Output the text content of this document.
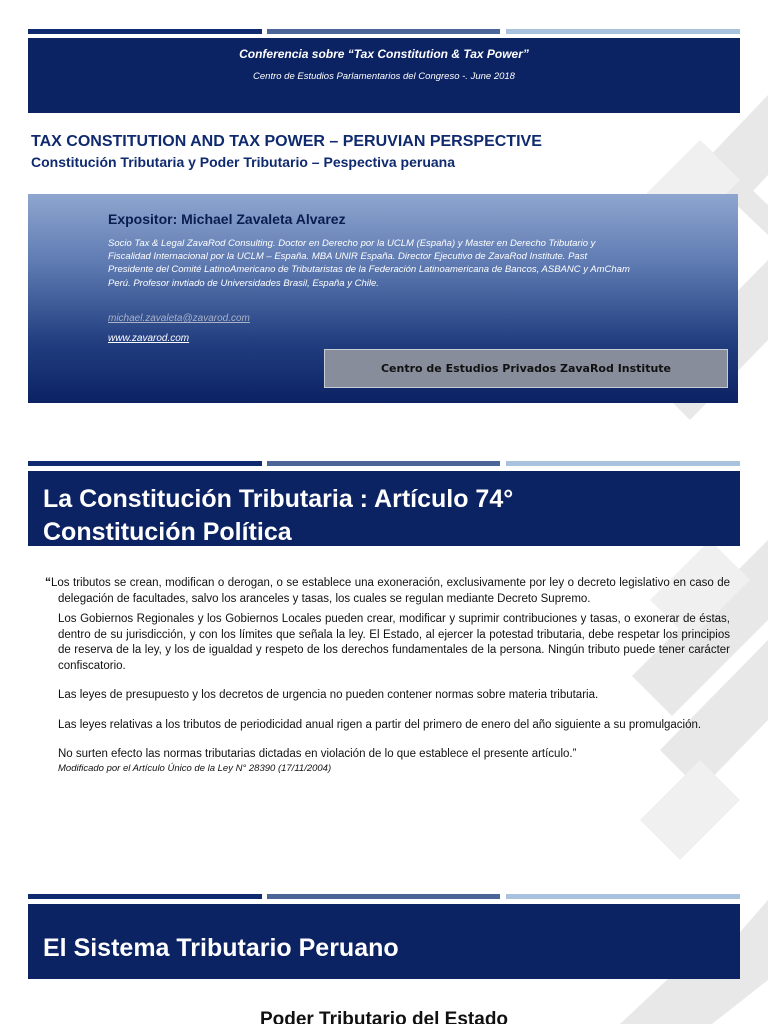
Conferencia sobre “Tax Constitution & Tax Power”
Centro de Estudios Parlamentarios del Congreso -. June 2018
TAX CONSTITUTION AND TAX POWER – PERUVIAN PERSPECTIVE
Constitución Tributaria y Poder Tributario – Pespectiva peruana
Expositor: Michael Zavaleta Alvarez
Socio Tax & Legal ZavaRod Consulting. Doctor en Derecho por la UCLM (España) y Master en Derecho Tributario y Fiscalidad Internacional por la UCLM – España. MBA UNIR España. Director Ejecutivo de ZavaRod Institute. Past Presidente del Comité LatinoAmericano de Tributaristas de la Federación Latinoamericana de Bancos, ASBANC y AmCham Perú. Profesor invtiado de Universidades Brasil, España y Chile.
michael.zavaleta@zavarod.com
www.zavarod.com
Centro de Estudios Privados ZavaRod Institute
La Constitución Tributaria : Artículo 74°
Constitución Política

“Los tributos se crean, modifican o derogan, o se establece una exoneración, exclusivamente por ley o decreto legislativo en caso de delegación de facultades, salvo los aranceles y tasas, los cuales se regulan mediante Decreto Supremo.

Los Gobiernos Regionales y los Gobiernos Locales pueden crear, modificar y suprimir contribuciones y tasas, o exonerar de éstas, dentro de su jurisdicción, y con los límites que señala la ley. El Estado, al ejercer la potestad tributaria, debe respetar los principios de reserva de la ley, y los de igualdad y respeto de los derechos fundamentales de la persona. Ningún tributo puede tener carácter confiscatorio.

Las leyes de presupuesto y los decretos de urgencia no pueden contener normas sobre materia tributaria.

Las leyes relativas a los tributos de periodicidad anual rigen a partir del primero de enero del año siguiente a su promulgación.

No surten efecto las normas tributarias dictadas en violación de lo que establece el presente artículo.”

Modificado por el Artículo Único de la Ley N° 28390 (17/11/2004)

El Sistema Tributario Peruano
Poder Tributario del Estado
